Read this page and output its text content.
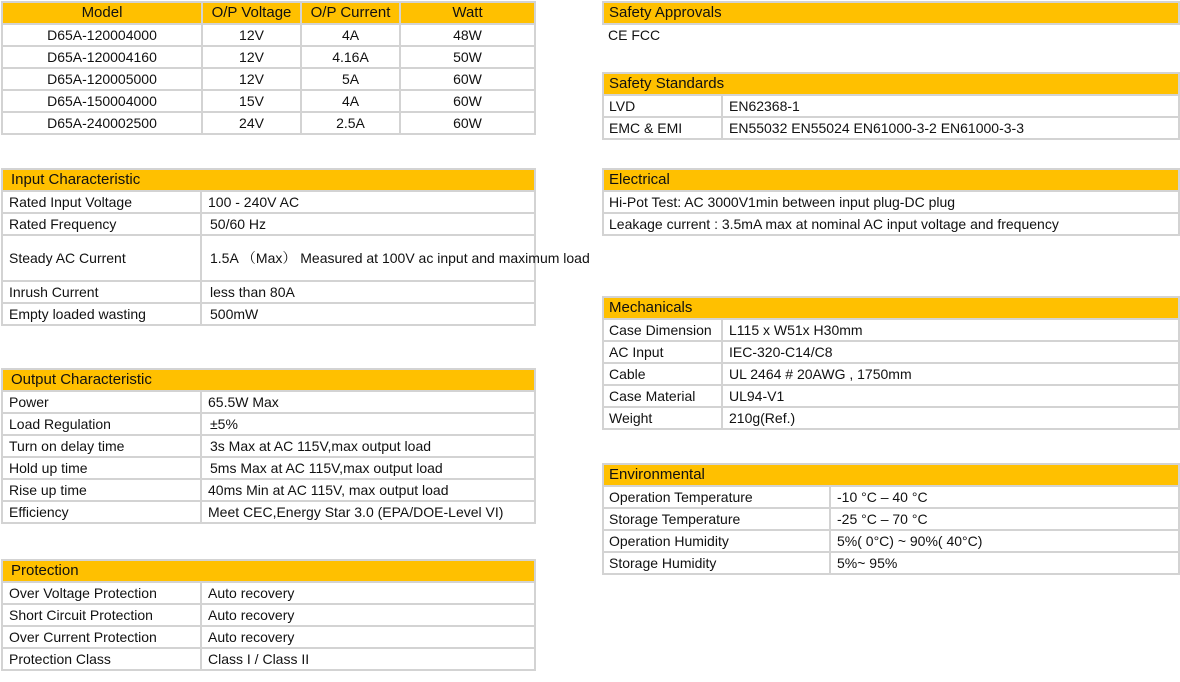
Model	O/P Voltage	O/P Current	Watt
D65A-120004000	12V	4A	48W
D65A-120004160	12V	4.16A	50W
D65A-120005000	12V	5A	60W
D65A-150004000	15V	4A	60W
D65A-240002500	24V	2.5A	60W
Input Characteristic	
Rated Input Voltage	100 - 240V AC
Rated Frequency	50/60 Hz
Steady AC Current	1.5A （Max） Measured at 100V ac input and maximum load
Inrush Current	less than 80A
Empty loaded wasting	500mW
Output Characteristic	
Power	65.5W Max
Load Regulation	±5%
Turn on delay time	3s Max at AC 115V,max output load
Hold up time	5ms Max at AC 115V,max output load
Rise up time	40ms Min at AC 115V, max output load
Efficiency	Meet CEC,Energy Star 3.0 (EPA/DOE-Level VI)
Protection	
Over Voltage Protection	Auto recovery
Short Circuit Protection	Auto recovery
Over Current Protection	Auto recovery
Protection Class	Class I / Class II
Safety Approvals
CE FCC
Safety Standards	
LVD	EN62368-1
EMC & EMI	EN55032 EN55024 EN61000-3-2 EN61000-3-3
Electrical
Hi-Pot Test: AC 3000V1min between input plug-DC plug
Leakage current : 3.5mA max at nominal AC input voltage and frequency
Mechanicals	
Case Dimension	L115 x W51x H30mm
AC Input	IEC-320-C14/C8
Cable	UL 2464 # 20AWG , 1750mm
Case Material	UL94-V1
Weight	210g(Ref.)
Environmental	
Operation Temperature	-10 °C – 40 °C
Storage Temperature	-25 °C – 70 °C
Operation Humidity	5%( 0°C) ~ 90%( 40°C)
Storage Humidity	5%~ 95%
